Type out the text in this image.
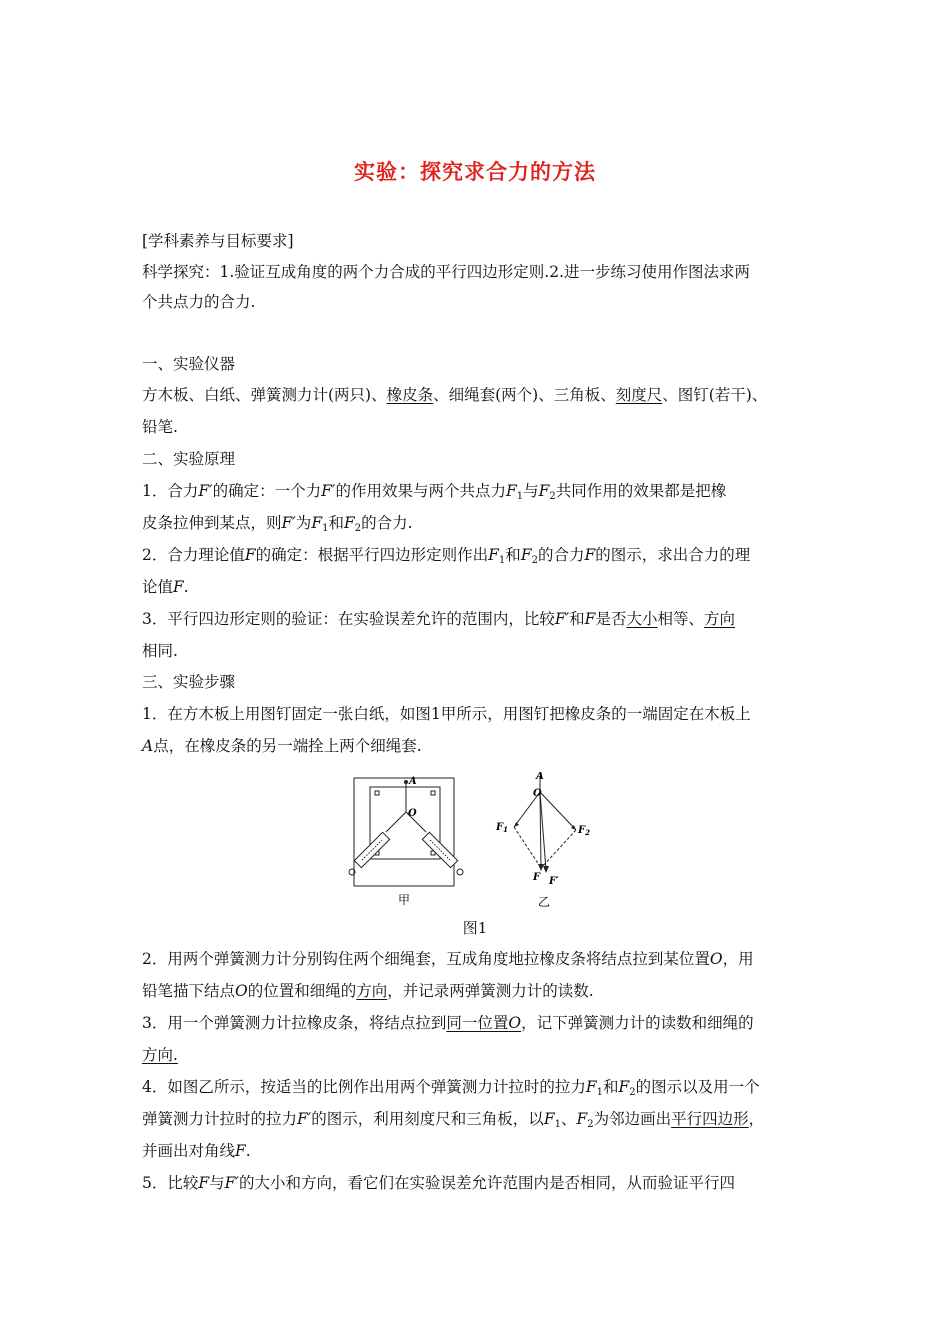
实验：探究求合力的方法
[学科素养与目标要求]
科学探究：1.验证互成角度的两个力合成的平行四边形定则.2.进一步练习使用作图法求两
个共点力的合力.
一、实验仪器
方木板、白纸、弹簧测力计(两只)、橡皮条、细绳套(两个)、三角板、刻度尺、图钉(若干)、
铅笔.
二、实验原理
1．合力F′的确定：一个力F′的作用效果与两个共点力$F_1$与$F_2$共同作用的效果都是把橡
皮条拉伸到某点，则F′为$F_1$和$F_2$的合力.
2．合力理论值F的确定：根据平行四边形定则作出$F_1$和$F_2$的合力F的图示，求出合力的理
论值F.
3．平行四边形定则的验证：在实验误差允许的范围内，比较F′和F是否大小相等、方向
相同.
三、实验步骤
1．在方木板上用图钉固定一张白纸，如图1甲所示，用图钉把橡皮条的一端固定在木板上
A点，在橡皮条的另一端拴上两个细绳套.
A
O
甲
A
O
$F_1$	$F_2$
F F′
乙
图1
2．用两个弹簧测力计分别钩住两个细绳套，互成角度地拉橡皮条将结点拉到某位置O，用
铅笔描下结点O的位置和细绳的方向，并记录两弹簧测力计的读数.
3．用一个弹簧测力计拉橡皮条，将结点拉到同一位置O，记下弹簧测力计的读数和细绳的
方向.
4．如图乙所示，按适当的比例作出用两个弹簧测力计拉时的拉力$F_1$和$F_2$的图示以及用一个
弹簧测力计拉时的拉力F′的图示，利用刻度尺和三角板，以$F_1$、$F_2$为邻边画出平行四边形，
并画出对角线F.
5．比较F与F′的大小和方向，看它们在实验误差允许范围内是否相同，从而验证平行四
